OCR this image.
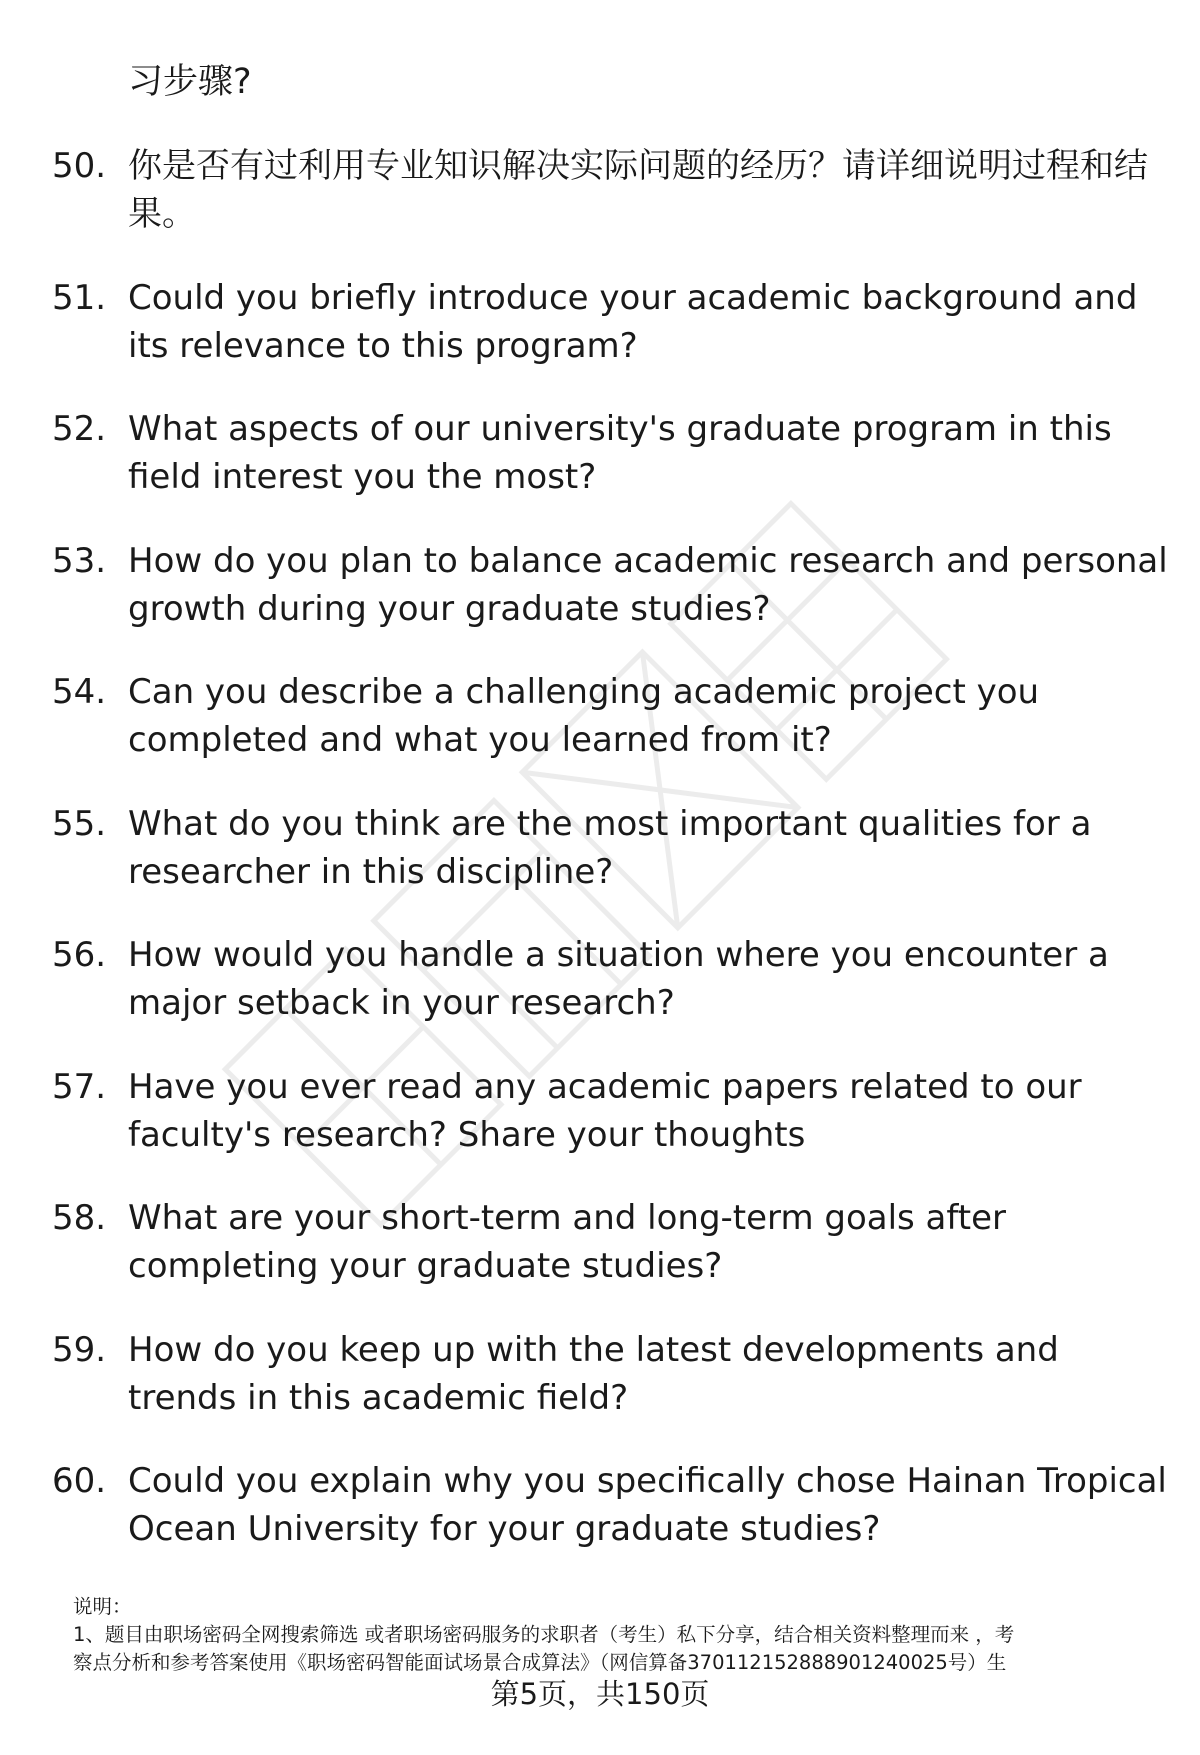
习步骤?
50. 你是否有过利用专业知识解决实际问题的经历？请详细说明过程和结果。
51. Could you briefly introduce your academic background and its relevance to this program?
52. What aspects of our university's graduate program in this field interest you the most?
53. How do you plan to balance academic research and personal growth during your graduate studies?
54. Can you describe a challenging academic project you completed and what you learned from it?
55. What do you think are the most important qualities for a researcher in this discipline?
56. How would you handle a situation where you encounter a major setback in your research?
57. Have you ever read any academic papers related to our faculty's research? Share your thoughts
58. What are your short-term and long-term goals after completing your graduate studies?
59. How do you keep up with the latest developments and trends in this academic field?
60. Could you explain why you specifically chose Hainan Tropical Ocean University for your graduate studies?
说明：
1、题目由职场密码全网搜索筛选 或者职场密码服务的求职者（考生）私下分享，结合相关资料整理而来 ，考
察点分析和参考答案使用《职场密码智能面试场景合成算法》（网信算备370112152888901240025号）生
第5页，共150页
